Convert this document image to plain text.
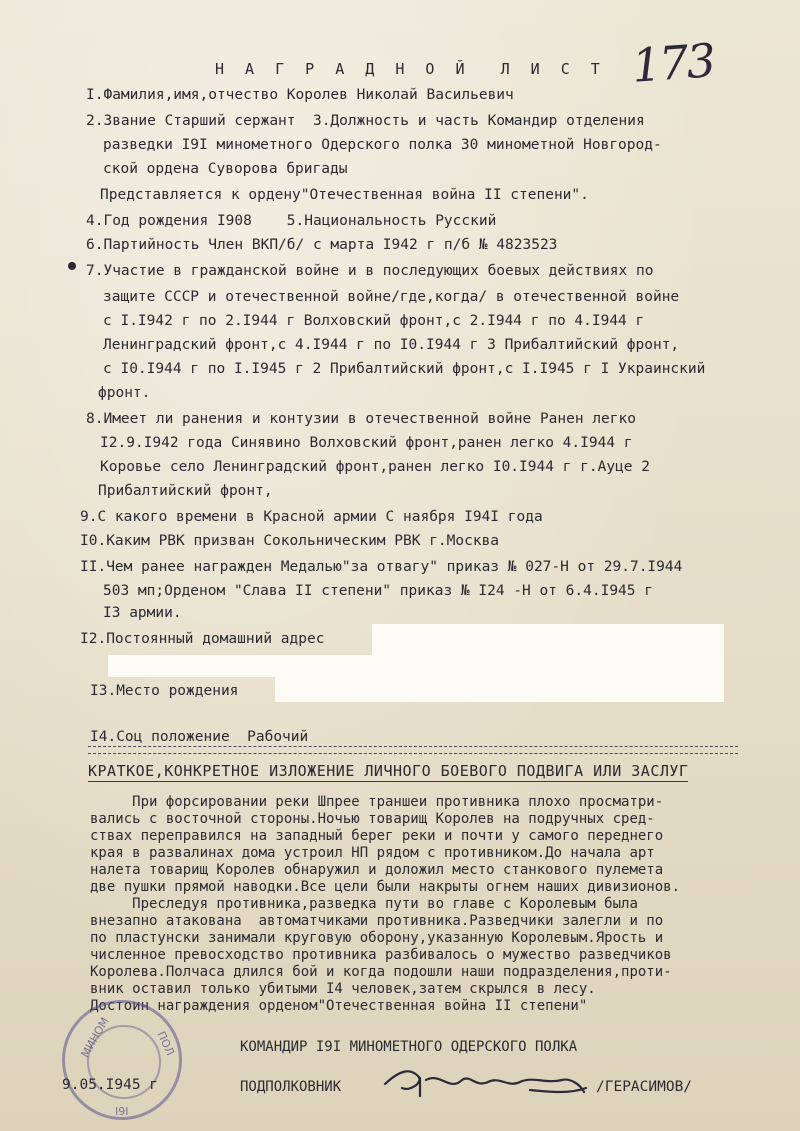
173
Н А Г Р А Д Н О Й  Л И С Т
I.Фамилия,имя,отчество Королев Николай Васильевич
2.Звание Старший сержант  3.Должность и часть Командир отделения
разведки I9I минометного Одерского полка 30 минометной Новгород-
ской ордена Суворова бригады
Представляется к ордену"Отечественная война II степени".
4.Год рождения I908    5.Национальность Русский
6.Партийность Член ВКП/б/ с марта I942 г п/б № 4823523
7.Участие в гражданской войне и в последующих боевых действиях по
защите СССР и отечественной войне/где,когда/ в отечественной войне
с I.I942 г по 2.I944 г Волховский фронт,с 2.I944 г по 4.I944 г
Ленинградский фронт,с 4.I944 г по I0.I944 г 3 Прибалтийский фронт,
с I0.I944 г по I.I945 г 2 Прибалтийский фронт,с I.I945 г I Украинский
фронт.
8.Имеет ли ранения и контузии в отечественной войне Ранен легко
I2.9.I942 года Синявино Волховский фронт,ранен легко 4.I944 г
Коровье село Ленинградский фронт,ранен легко I0.I944 г г.Ауце 2
Прибалтийский фронт,
9.С какого времени в Красной армии С наября I94I года
I0.Каким РВК призван Сокольническим РВК г.Москва
II.Чем ранее награжден Медалью"за отвагу" приказ № 027-Н от 29.7.I944
503 мп;Орденом "Слава II степени" приказ № I24 -Н от 6.4.I945 г
I3 армии.
I2.Постоянный домашний адрес
I3.Место рождения
I4.Соц положение  Рабочий
КРАТКОЕ,КОНКРЕТНОЕ ИЗЛОЖЕНИЕ ЛИЧНОГО БОЕВОГО ПОДВИГА ИЛИ ЗАСЛУГ
При форсировании реки Шпрее траншеи противника плохо просматри-
вались с восточной стороны.Ночью товарищ Королев на подручных сред-
ствах переправился на западный берег реки и почти у самого переднего
края в развалинах дома устроил НП рядом с противником.До начала арт
налета товарищ Королев обнаружил и доложил место станкового пулемета
две пушки прямой наводки.Все цели были накрыты огнем наших дивизионов.
Преследуя противника,разведка пути во главе с Королевым была
внезапно атакована  автоматчиками противника.Разведчики залегли и по
по пластунски занимали круговую оборону,указанную Королевым.Ярость и
численное превосходство противника разбивалось о мужество разведчиков
Королева.Полчаса длился бой и когда подошли наши подразделения,проти-
вник оставил только убитыми I4 человек,затем скрылся в лесу.
Достоин награждения орденом"Отечественная война II степени"
МИНОМ	ПОЛ
I9I
КОМАНДИР I9I МИНОМЕТНОГО ОДЕРСКОГО ПОЛКА
9.05.I945 г	ПОДПОЛКОВНИК	/ГЕРАСИМОВ/
